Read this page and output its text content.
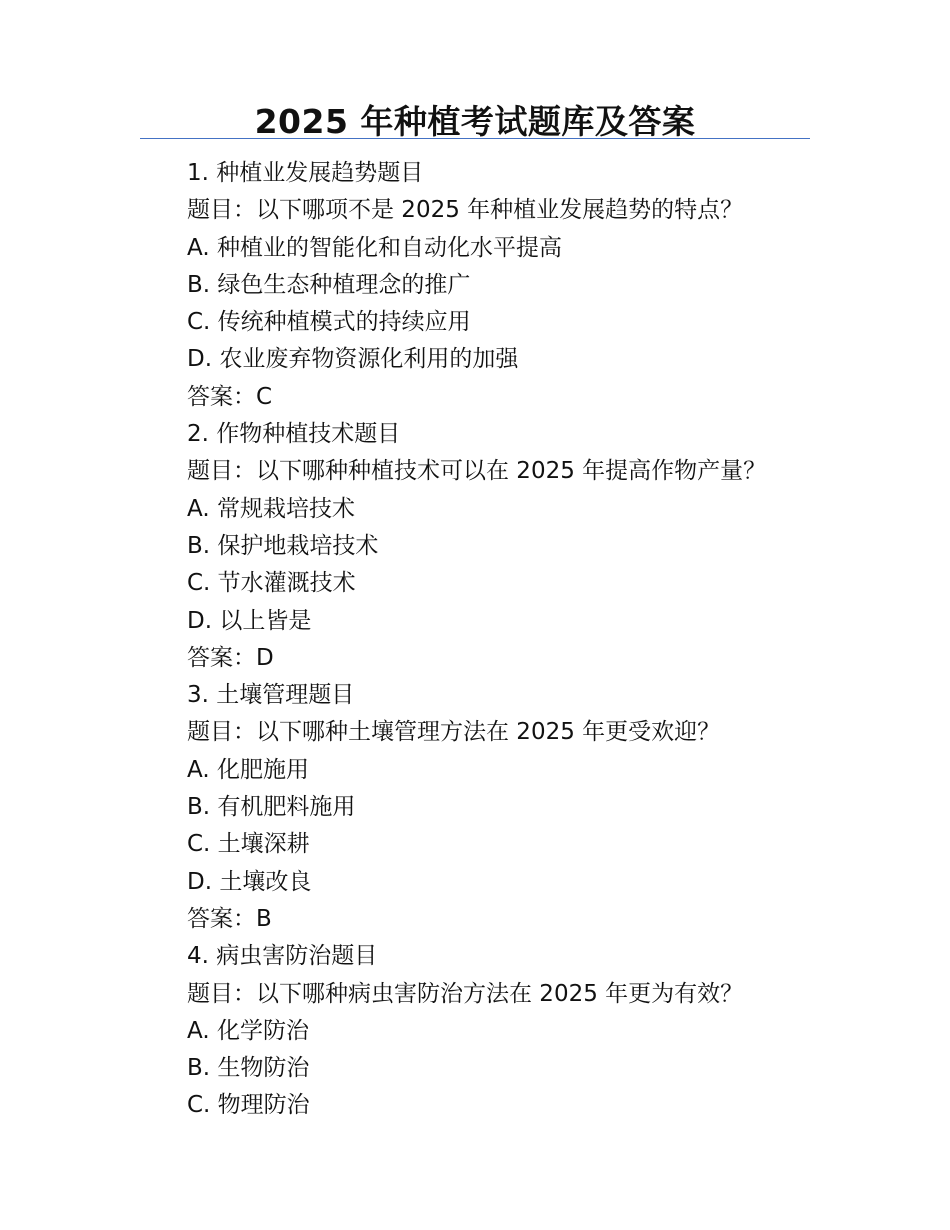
2025 年种植考试题库及答案
1. 种植业发展趋势题目
题目：以下哪项不是 2025 年种植业发展趋势的特点？
A. 种植业的智能化和自动化水平提高
B. 绿色生态种植理念的推广
C. 传统种植模式的持续应用
D. 农业废弃物资源化利用的加强
答案：C
2. 作物种植技术题目
题目：以下哪种种植技术可以在 2025 年提高作物产量？
A. 常规栽培技术
B. 保护地栽培技术
C. 节水灌溉技术
D. 以上皆是
答案：D
3. 土壤管理题目
题目：以下哪种土壤管理方法在 2025 年更受欢迎？
A. 化肥施用
B. 有机肥料施用
C. 土壤深耕
D. 土壤改良
答案：B
4. 病虫害防治题目
题目：以下哪种病虫害防治方法在 2025 年更为有效？
A. 化学防治
B. 生物防治
C. 物理防治
